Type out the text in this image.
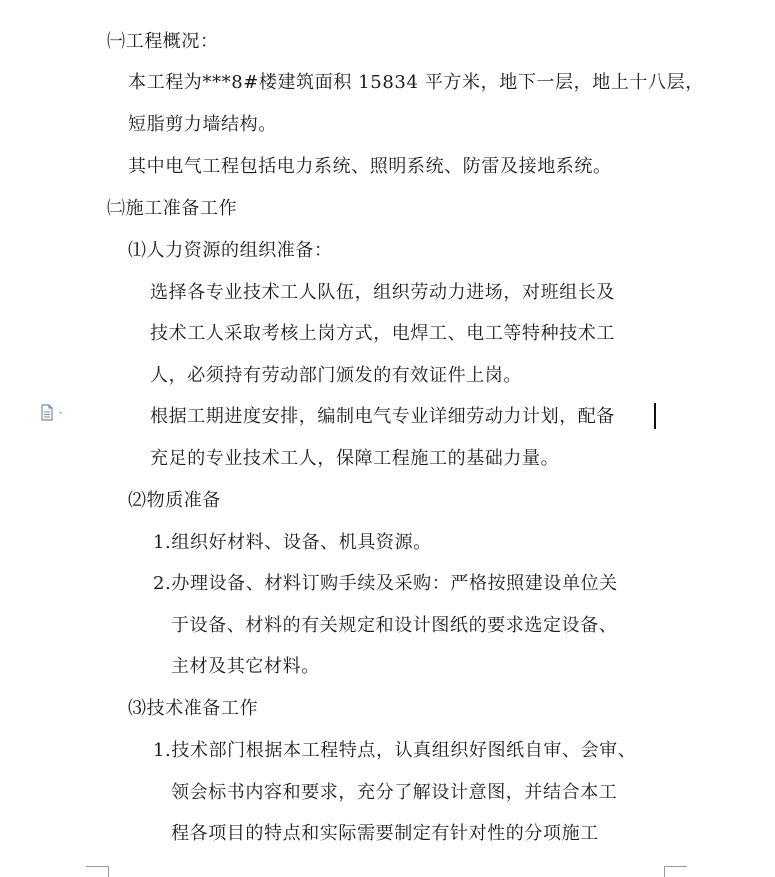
㈠工程概况：
本工程为***8#楼建筑面积 15834 平方米，地下一层，地上十八层，
短脂剪力墙结构。
其中电气工程包括电力系统、照明系统、防雷及接地系统。
㈡施工准备工作
⑴人力资源的组织准备：
选择各专业技术工人队伍，组织劳动力进场，对班组长及
技术工人采取考核上岗方式，电焊工、电工等特种技术工
人，必须持有劳动部门颁发的有效证件上岗。
根据工期进度安排，编制电气专业详细劳动力计划，配备
充足的专业技术工人，保障工程施工的基础力量。
⑵物质准备
1.组织好材料、设备、机具资源。
2.办理设备、材料订购手续及采购：严格按照建设单位关
于设备、材料的有关规定和设计图纸的要求选定设备、
主材及其它材料。
⑶技术准备工作
1.技术部门根据本工程特点，认真组织好图纸自审、会审、
领会标书内容和要求，充分了解设计意图，并结合本工
程各项目的特点和实际需要制定有针对性的分项施工
